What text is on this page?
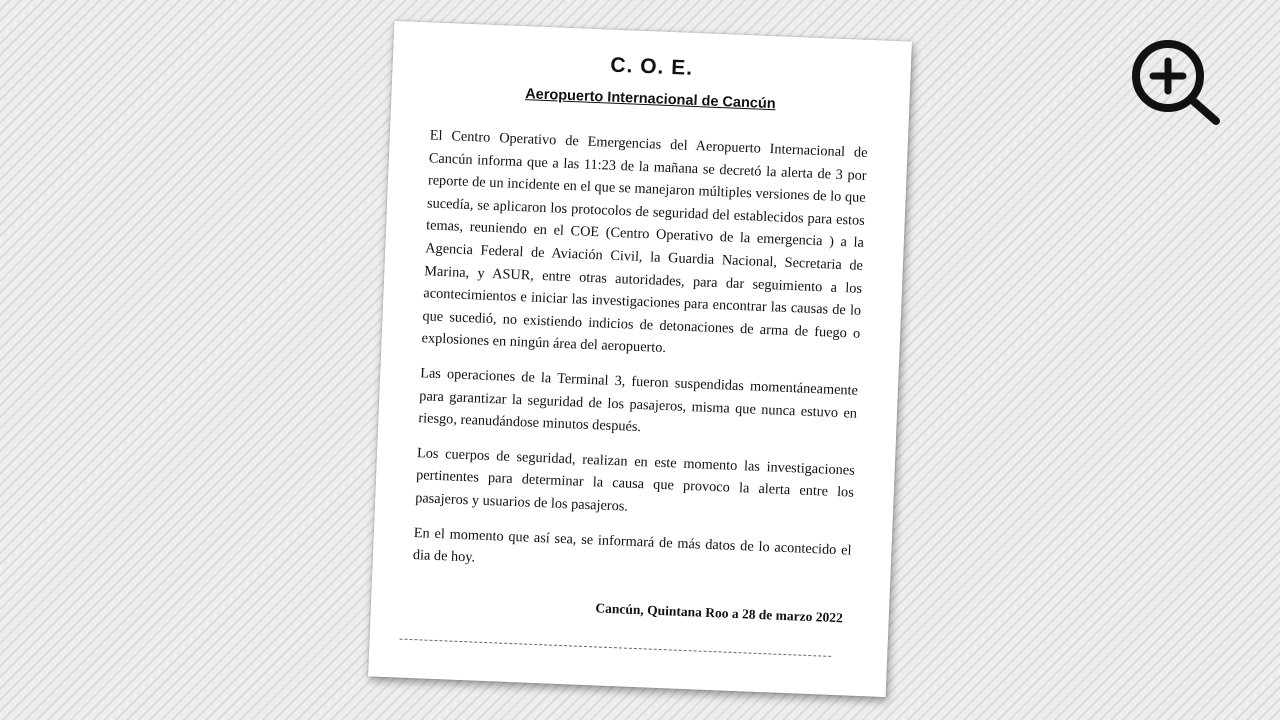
C. O. E.
Aeropuerto Internacional de Cancún

El Centro Operativo de Emergencias del Aeropuerto Internacional de Cancún informa que a las 11:23 de la mañana se decretó la alerta de 3 por reporte de un incidente en el que se manejaron múltiples versiones de lo que sucedía, se aplicaron los protocolos de seguridad del establecidos para estos temas, reuniendo en el COE (Centro Operativo de la emergencia ) a la Agencia Federal de Aviación Civil, la Guardia Nacional, Secretaria de Marina, y ASUR, entre otras autoridades, para dar seguimiento a los acontecimientos e iniciar las investigaciones para encontrar las causas de lo que sucedió, no existiendo indicios de detonaciones de arma de fuego o explosiones en ningún área del aeropuerto.

Las operaciones de la Terminal 3, fueron suspendidas momentáneamente para garantizar la seguridad de los pasajeros, misma que nunca estuvo en riesgo, reanudándose minutos después.

Los cuerpos de seguridad, realizan en este momento las investigaciones pertinentes para determinar la causa que provoco la alerta entre los pasajeros y usuarios de los pasajeros.

En el momento que así sea, se informará de más datos de lo acontecido el dia de hoy.

Cancún, Quintana Roo a 28 de marzo 2022
